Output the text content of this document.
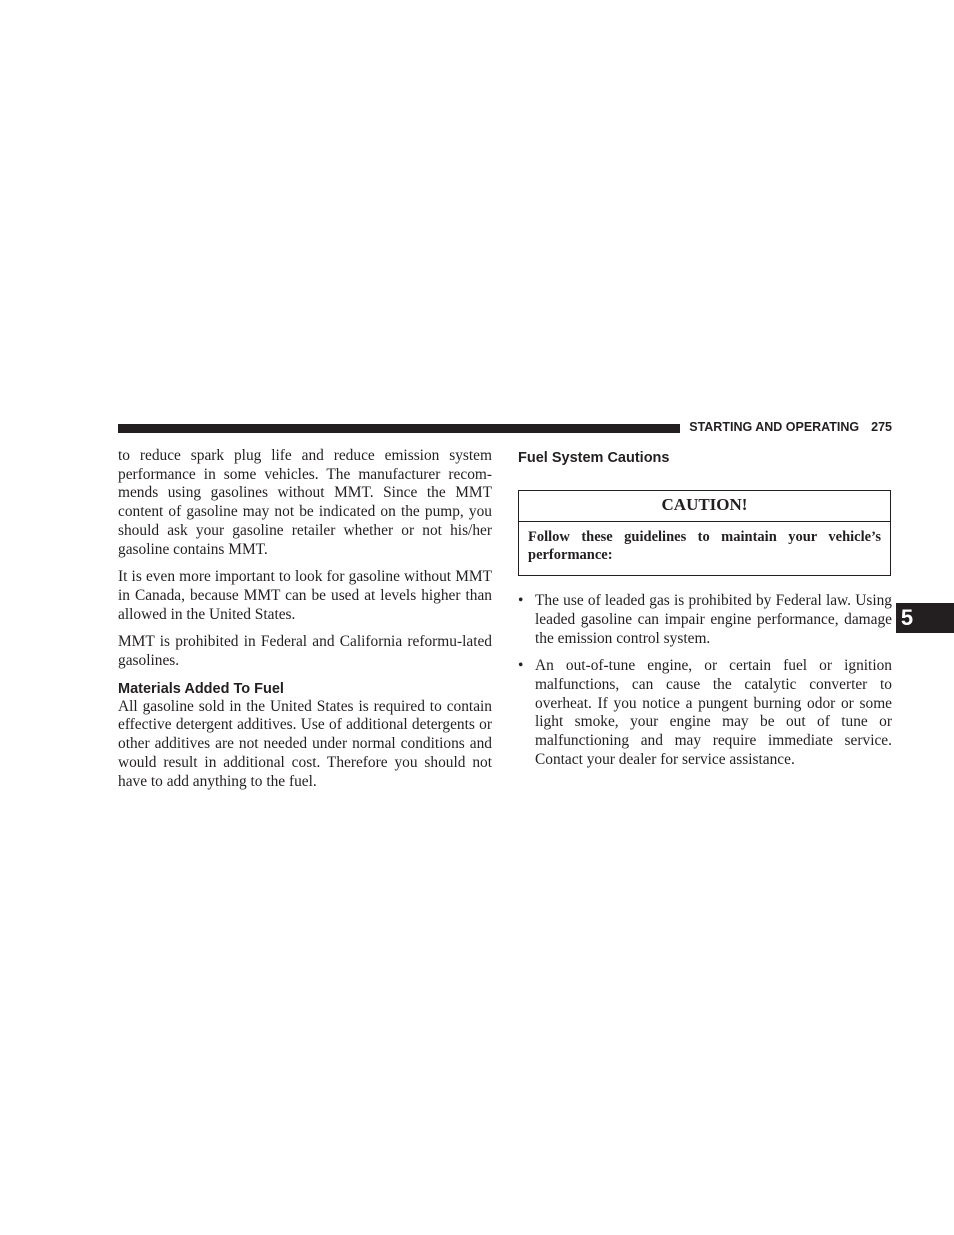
STARTING AND OPERATING 275

to reduce spark plug life and reduce emission system performance in some vehicles. The manufacturer recom-mends using gasolines without MMT. Since the MMT content of gasoline may not be indicated on the pump, you should ask your gasoline retailer whether or not his/her gasoline contains MMT.

It is even more important to look for gasoline without MMT in Canada, because MMT can be used at levels higher than allowed in the United States.

MMT is prohibited in Federal and California reformu-lated gasolines.

Materials Added To Fuel

All gasoline sold in the United States is required to contain effective detergent additives. Use of additional detergents or other additives are not needed under normal conditions and would result in additional cost. Therefore you should not have to add anything to the fuel.

Fuel System Cautions
CAUTION!
Follow these guidelines to maintain your vehicle’s performance:
• The use of leaded gas is prohibited by Federal law. Using leaded gasoline can impair engine performance, damage the emission control system.
• An out-of-tune engine, or certain fuel or ignition malfunctions, can cause the catalytic converter to overheat. If you notice a pungent burning odor or some light smoke, your engine may be out of tune or malfunctioning and may require immediate service. Contact your dealer for service assistance.
5
